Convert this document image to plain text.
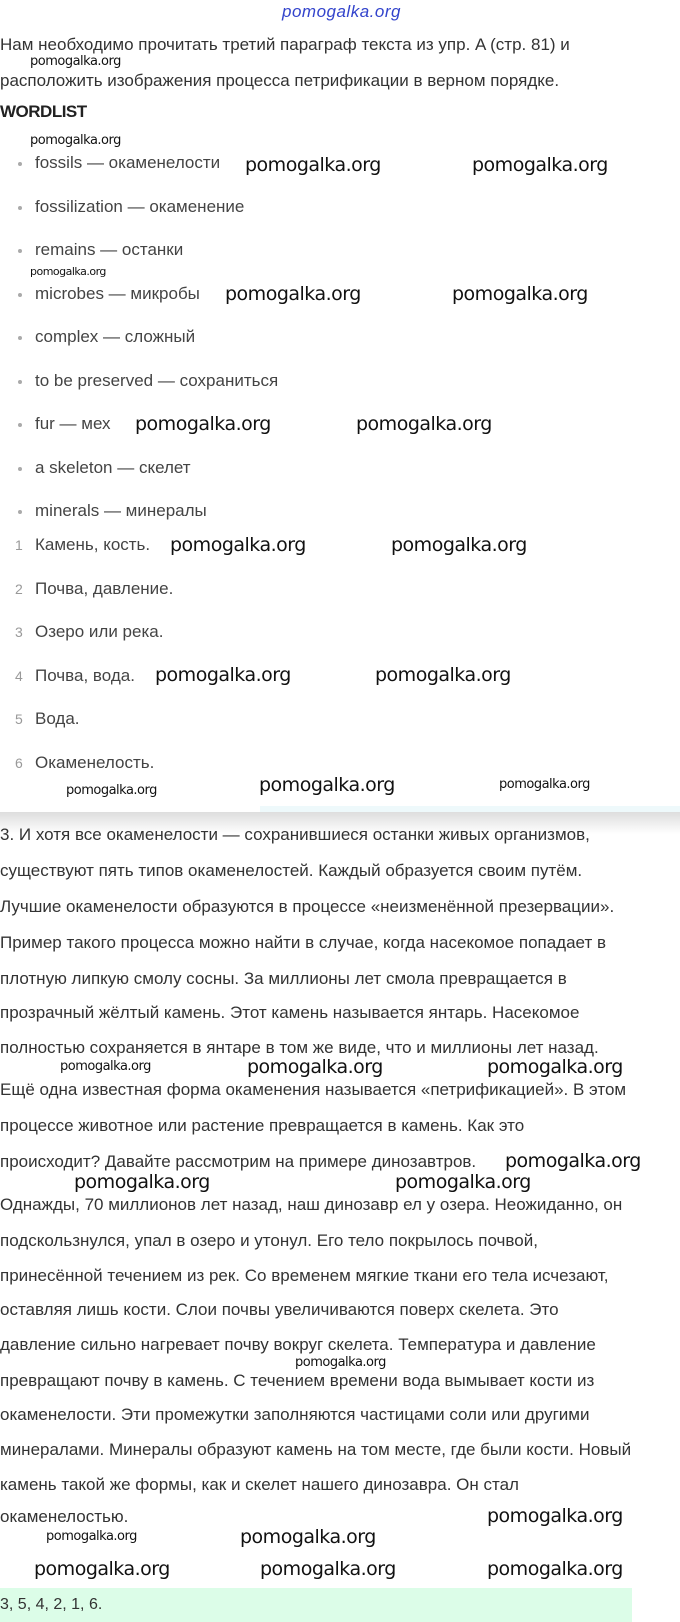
pomogalka.org
Нам необходимо прочитать третий параграф текста из упр. A (стр. 81) и
расположить изображения процесса петрификации в верном порядке.
WORDLIST
fossils — окаменелости
fossilization — окаменение
remains — останки
microbes — микробы
complex — сложный
to be preserved — сохраниться
fur — мех
a skeleton — скелет
minerals — минералы
1 Камень, кость.
2 Почва, давление.
3 Озеро или река.
4 Почва, вода.
5 Вода.
6 Окаменелость.
3. И хотя все окаменелости — сохранившиеся останки живых организмов,
существуют пять типов окаменелостей. Каждый образуется своим путём.
Лучшие окаменелости образуются в процессе «неизменённой презервации».
Пример такого процесса можно найти в случае, когда насекомое попадает в
плотную липкую смолу сосны. За миллионы лет смола превращается в
прозрачный жёлтый камень. Этот камень называется янтарь. Насекомое
полностью сохраняется в янтаре в том же виде, что и миллионы лет назад.
Ещё одна известная форма окаменения называется «петрификацией». В этом
процессе животное или растение превращается в камень. Как это
происходит? Давайте рассмотрим на примере динозавтров.
Однажды, 70 миллионов лет назад, наш динозавр ел у озера. Неожиданно, он
подскользнулся, упал в озеро и утонул. Его тело покрылось почвой,
принесённой течением из рек. Со временем мягкие ткани его тела исчезают,
оставляя лишь кости. Слои почвы увеличиваются поверх скелета. Это
давление сильно нагревает почву вокруг скелета. Температура и давление
превращают почву в камень. С течением времени вода вымывает кости из
окаменелости. Эти промежутки заполняются частицами соли или другими
минералами. Минералы образуют камень на том месте, где были кости. Новый
камень такой же формы, как и скелет нашего динозавра. Он стал
окаменелостью.
3, 5, 4, 2, 1, 6.
pomogalka.org
pomogalka.org
pomogalka.org	pomogalka.org
pomogalka.org
pomogalka.org	pomogalka.org
pomogalka.org	pomogalka.org
pomogalka.org	pomogalka.org
pomogalka.org	pomogalka.org
pomogalka.org	pomogalka.org	pomogalka.org
pomogalka.org	pomogalka.org
pomogalka.org	pomogalka.org	pomogalka.org
pomogalka.org
pomogalka.org
pomogalka.org
pomogalka.org
pomogalka.org
pomogalka.org	pomogalka.org
pomogalka.org
